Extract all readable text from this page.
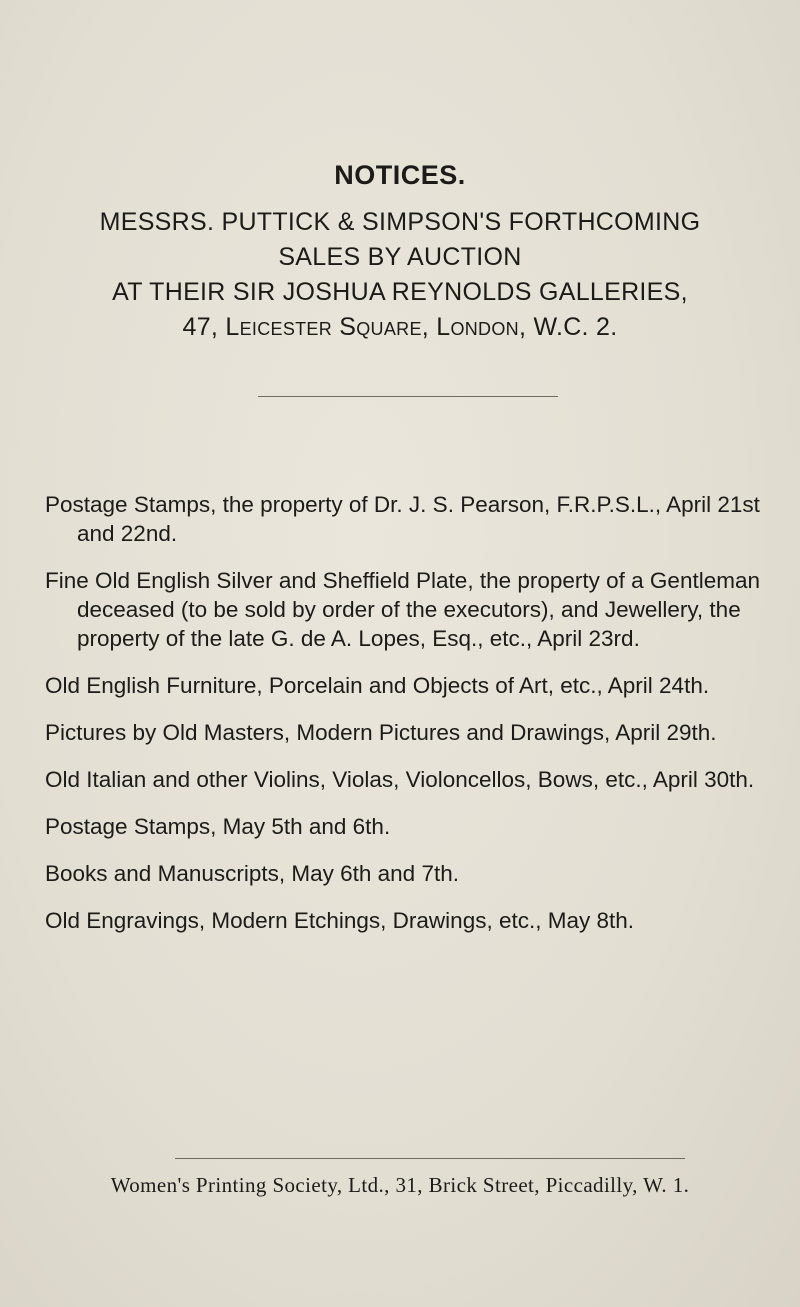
NOTICES.
MESSRS. PUTTICK & SIMPSON'S FORTHCOMING
SALES BY AUCTION
AT THEIR SIR JOSHUA REYNOLDS GALLERIES,
47, Leicester Square, London, W.C. 2.
Postage Stamps, the property of Dr. J. S. Pearson, F.R.P.S.L., April 21st and 22nd.
Fine Old English Silver and Sheffield Plate, the property of a Gentleman deceased (to be sold by order of the executors), and Jewellery, the property of the late G. de A. Lopes, Esq., etc., April 23rd.
Old English Furniture, Porcelain and Objects of Art, etc., April 24th.
Pictures by Old Masters, Modern Pictures and Drawings, April 29th.
Old Italian and other Violins, Violas, Violoncellos, Bows, etc., April 30th.
Postage Stamps, May 5th and 6th.
Books and Manuscripts, May 6th and 7th.
Old Engravings, Modern Etchings, Drawings, etc., May 8th.
Women's Printing Society, Ltd., 31, Brick Street, Piccadilly, W. 1.
